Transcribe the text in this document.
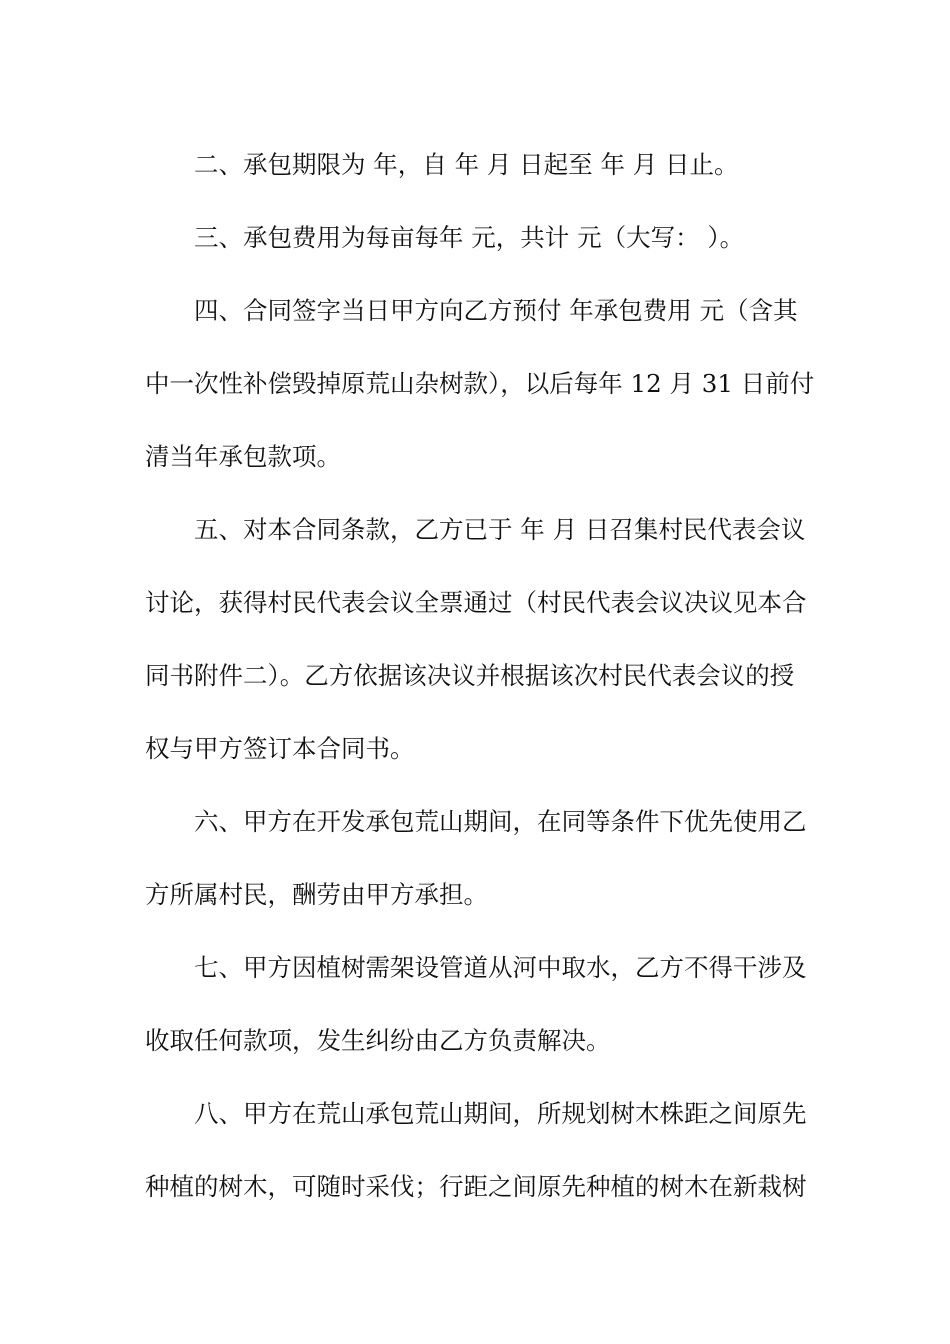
二、承包期限为 年，自 年 月 日起至 年 月 日止。

三、承包费用为每亩每年 元，共计 元（大写： ）。

四、合同签字当日甲方向乙方预付 年承包费用 元（含其
中一次性补偿毁掉原荒山杂树款），以后每年 12 月 31 日前付
清当年承包款项。

五、对本合同条款，乙方已于 年 月 日召集村民代表会议
讨论，获得村民代表会议全票通过（村民代表会议决议见本合
同书附件二）。乙方依据该决议并根据该次村民代表会议的授
权与甲方签订本合同书。

六、甲方在开发承包荒山期间，在同等条件下优先使用乙
方所属村民，酬劳由甲方承担。

七、甲方因植树需架设管道从河中取水，乙方不得干涉及
收取任何款项，发生纠纷由乙方负责解决。

八、甲方在荒山承包荒山期间，所规划树木株距之间原先
种植的树木，可随时采伐；行距之间原先种植的树木在新栽树
